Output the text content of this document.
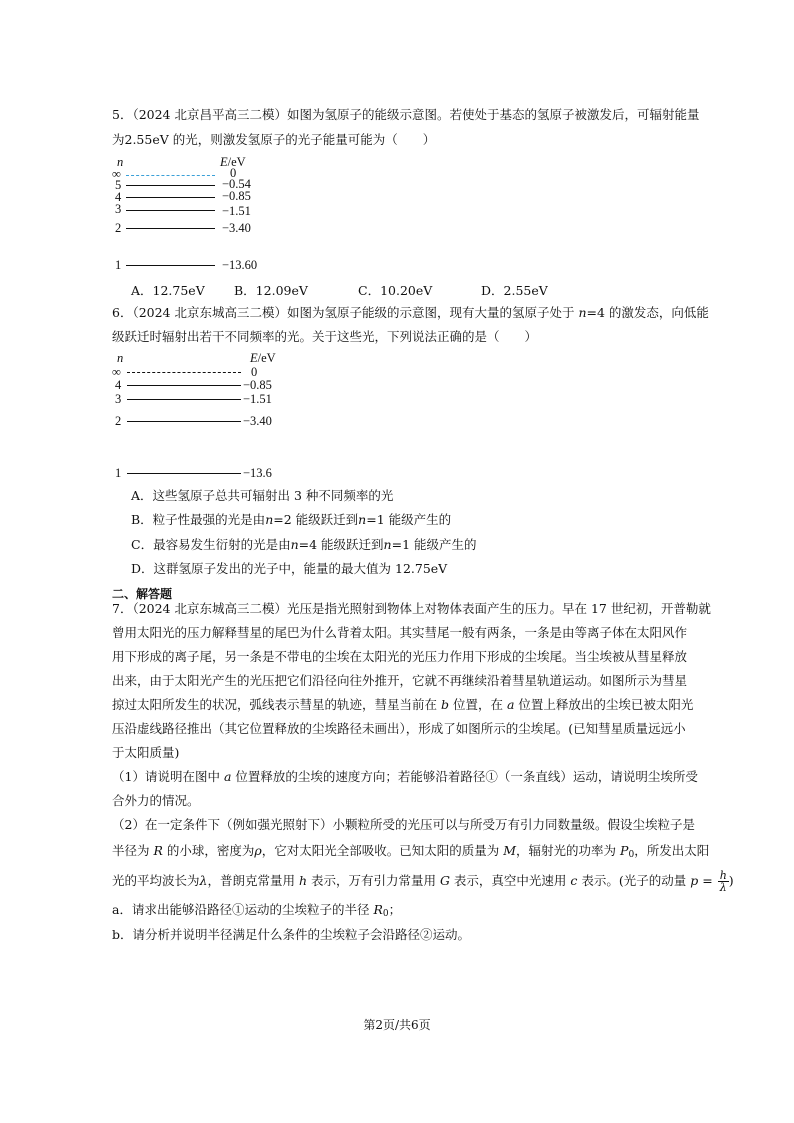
5．（2024 北京昌平高三二模）如图为氢原子的能级示意图。若使处于基态的氢原子被激发后，可辐射能量
为2.55eV 的光，则激发氢原子的光子能量可能为（　　）
n	E/eV
∞	0
5	−0.54
4	−0.85
3	−1.51
2	−3.40
1	−13.60
A．12.75eV B．12.09eV	C．10.20eV	D．2.55eV
6．（2024 北京东城高三二模）如图为氢原子能级的示意图，现有大量的氢原子处于 n=4 的激发态，向低能
级跃迁时辐射出若干不同频率的光。关于这些光，下列说法正确的是（　　）
n	E/eV
∞	0
4	−0.85
3	−1.51
2	−3.40
1	−13.6
A．这些氢原子总共可辐射出 3 种不同频率的光
B．粒子性最强的光是由n=2 能级跃迁到n=1 能级产生的
C．最容易发生衍射的光是由n=4 能级跃迁到n=1 能级产生的
D．这群氢原子发出的光子中，能量的最大值为 12.75eV
二、解答题
7．（2024 北京东城高三二模）光压是指光照射到物体上对物体表面产生的压力。早在 17 世纪初，开普勒就
曾用太阳光的压力解释彗星的尾巴为什么背着太阳。其实彗尾一般有两条，一条是由等离子体在太阳风作
用下形成的离子尾，另一条是不带电的尘埃在太阳光的光压力作用下形成的尘埃尾。当尘埃被从彗星释放
出来，由于太阳光产生的光压把它们沿径向往外推开，它就不再继续沿着彗星轨道运动。如图所示为彗星
掠过太阳所发生的状况，弧线表示彗星的轨迹，彗星当前在 b 位置，在 a 位置上释放出的尘埃已被太阳光
压沿虚线路径推出（其它位置释放的尘埃路径未画出），形成了如图所示的尘埃尾。(已知彗星质量远远小
于太阳质量)
（1）请说明在图中 a 位置释放的尘埃的速度方向；若能够沿着路径①（一条直线）运动，请说明尘埃所受
合外力的情况。
（2）在一定条件下（例如强光照射下）小颗粒所受的光压可以与所受万有引力同数量级。假设尘埃粒子是
半径为 R 的小球，密度为ρ，它对太阳光全部吸收。已知太阳的质量为 M，辐射光的功率为 $P_0$，所发出太阳
光的平均波长为λ，普朗克常量用 h 表示，万有引力常量用 G 表示，真空中光速用 c 表示。(光子的动量 $p = \frac{h}{\lambda}$ )
a．请求出能够沿路径①运动的尘埃粒子的半径 $R_0$；
b．请分析并说明半径满足什么条件的尘埃粒子会沿路径②运动。
第2页/共6页
